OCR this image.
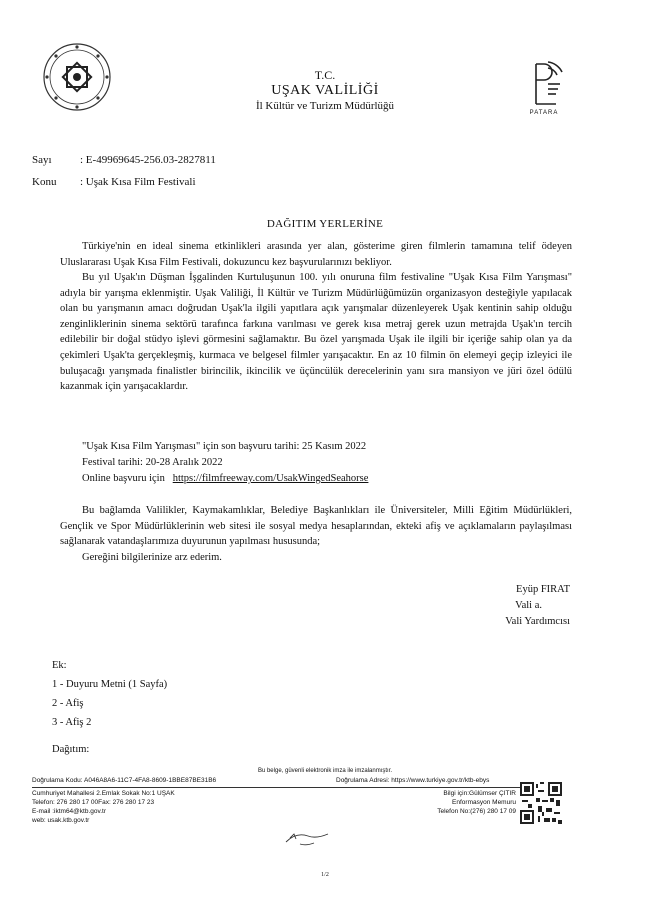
T.C.
UŞAK VALİLİĞİ
İl Kültür ve Turizm Müdürlüğü
PATARA
Sayı	: E-49969645-256.03-2827811
Konu : Uşak Kısa Film Festivali
DAĞITIM YERLERİNE
Türkiye'nin en ideal sinema etkinlikleri arasında yer alan, gösterime giren filmlerin tamamına telif ödeyen Uluslararası Uşak Kısa Film Festivali, dokuzuncu kez başvurularınızı bekliyor.
Bu yıl Uşak'ın Düşman İşgalinden Kurtuluşunun 100. yılı onuruna film festivaline "Uşak Kısa Film Yarışması" adıyla bir yarışma eklenmiştir. Uşak Valiliği, İl Kültür ve Turizm Müdürlüğümüzün organizasyon desteğiyle yapılacak olan bu yarışmanın amacı doğrudan Uşak'la ilgili yapıtlara açık yarışmalar düzenleyerek Uşak kentinin sahip olduğu zenginliklerinin sinema sektörü tarafınca farkına varılması ve gerek kısa metraj gerek uzun metrajda Uşak'ın tercih edilebilir bir doğal stüdyo işlevi görmesini sağlamaktır. Bu özel yarışmada Uşak ile ilgili bir içeriğe sahip olan ya da çekimleri Uşak'ta gerçekleşmiş, kurmaca ve belgesel filmler yarışacaktır. En az 10 filmin ön elemeyi geçip izleyici ile buluşacağı yarışmada finalistler birincilik, ikincilik ve üçüncülük derecelerinin yanı sıra mansiyon ve jüri özel ödülü kazanmak için yarışacaklardır.
"Uşak Kısa Film Yarışması" için son başvuru tarihi: 25 Kasım 2022
Festival tarihi: 20-28 Aralık 2022
Online başvuru için https://filmfreeway.com/UsakWingedSeahorse
Bu bağlamda Valilikler, Kaymakamlıklar, Belediye Başkanlıkları ile Üniversiteler, Milli Eğitim Müdürlükleri, Gençlik ve Spor Müdürlüklerinin web sitesi ile sosyal medya hesaplarından, ekteki afiş ve açıklamaların paylaşılması sağlanarak vatandaşlarımıza duyurunun yapılması hususunda;
Gereğini bilgilerinize arz ederim.
Eyüp FIRAT
Vali a.
Vali Yardımcısı
Ek:
1 - Duyuru Metni (1 Sayfa)
2 - Afiş
3 - Afiş 2
Dağıtım:
Bu belge, güvenli elektronik imza ile imzalanmıştır.
Doğrulama Kodu: A046A8A6-11C7-4FA8-8609-1BBE87BE31B6	Doğrulama Adresi: https://www.turkiye.gov.tr/ktb-ebys
Cumhuriyet Mahallesi 2.Emlak Sokak No:1 UŞAK
Telefon: 276 280 17 00Fax: 276 280 17 23
E-mail :iktm64@ktb.gov.tr
web: usak.ktb.gov.tr
Bilgi için:Gülümser ÇITIR
Enformasyon Memuru
Telefon No:(276) 280 17 09
1/2
